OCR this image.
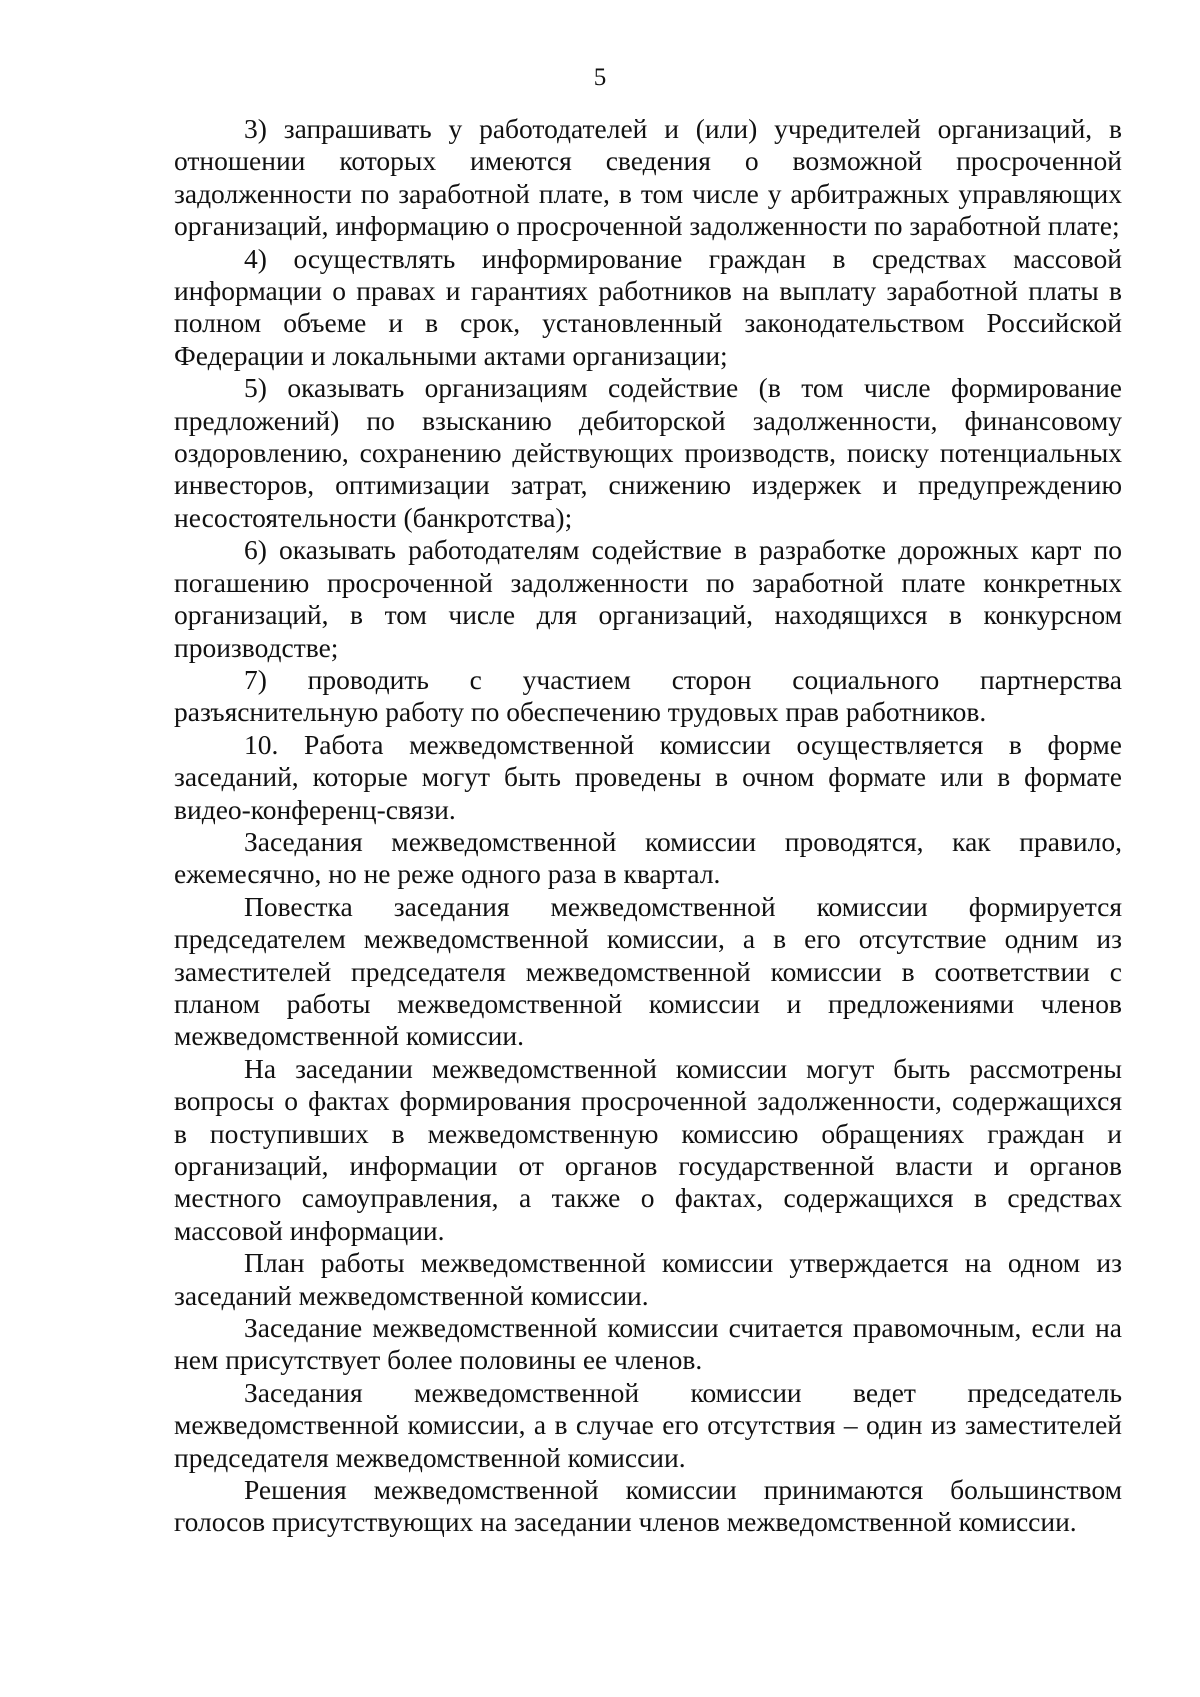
5

3) запрашивать у работодателей и (или) учредителей организаций, в отношении которых имеются сведения о возможной просроченной задолженности по заработной плате, в том числе у арбитражных управляющих организаций, информацию о просроченной задолженности по заработной плате;

4) осуществлять информирование граждан в средствах массовой информации о правах и гарантиях работников на выплату заработной платы в полном объеме и в срок, установленный законодательством Российской Федерации и локальными актами организации;

5) оказывать организациям содействие (в том числе формирование предложений) по взысканию дебиторской задолженности, финансовому оздоровлению, сохранению действующих производств, поиску потенциальных инвесторов, оптимизации затрат, снижению издержек и предупреждению несостоятельности (банкротства);

6) оказывать работодателям содействие в разработке дорожных карт по погашению просроченной задолженности по заработной плате конкретных организаций, в том числе для организаций, находящихся в конкурсном производстве;

7) проводить с участием сторон социального партнерства разъяснительную работу по обеспечению трудовых прав работников.

10. Работа межведомственной комиссии осуществляется в форме заседаний, которые могут быть проведены в очном формате или в формате видео-конференц-связи.

Заседания межведомственной комиссии проводятся, как правило, ежемесячно, но не реже одного раза в квартал.

Повестка заседания межведомственной комиссии формируется председателем межведомственной комиссии, а в его отсутствие одним из заместителей председателя межведомственной комиссии в соответствии с планом работы межведомственной комиссии и предложениями членов межведомственной комиссии.

На заседании межведомственной комиссии могут быть рассмотрены вопросы о фактах формирования просроченной задолженности, содержащихся в поступивших в межведомственную комиссию обращениях граждан и организаций, информации от органов государственной власти и органов местного самоуправления, а также о фактах, содержащихся в средствах массовой информации.

План работы межведомственной комиссии утверждается на одном из заседаний межведомственной комиссии.

Заседание межведомственной комиссии считается правомочным, если на нем присутствует более половины ее членов.

Заседания межведомственной комиссии ведет председатель межведомственной комиссии, а в случае его отсутствия – один из заместителей председателя межведомственной комиссии.

Решения межведомственной комиссии принимаются большинством голосов присутствующих на заседании членов межведомственной комиссии.
